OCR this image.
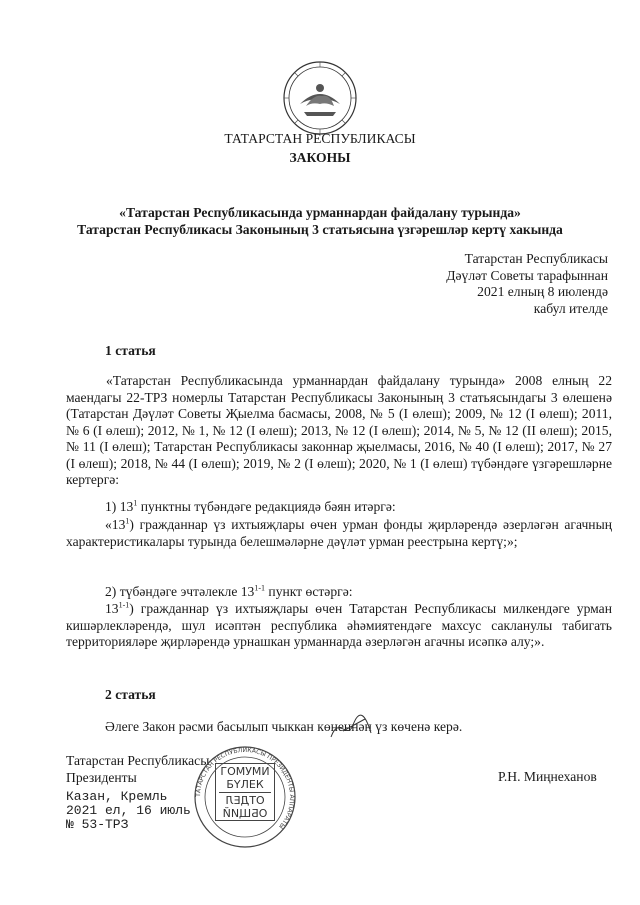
ТАТАРСТАН РЕСПУБЛИКАСЫ
ЗАКОНЫ
«Татарстан Республикасында урманнардан файдалану турында»
Татарстан Республикасы Законының 3 статьясына үзгәрешләр кертү хакында
Татарстан Республикасы
Дәүләт Советы тарафыннан
2021 елның 8 июлендә
кабул ителде
1 статья
«Татарстан Республикасында урманнардан файдалану турында» 2008 елның 22 маендагы 22-ТРЗ номерлы Татарстан Республикасы Законының 3 статьясындагы 3 өлешенә (Татарстан Дәүләт Советы Җыелма басмасы, 2008, № 5 (I өлеш); 2009, № 12 (I өлеш); 2011, № 6 (I өлеш); 2012, № 1, № 12 (I өлеш); 2013, № 12 (I өлеш); 2014, № 5, № 12 (II өлеш); 2015, № 11 (I өлеш); Татарстан Республикасы законнар җыелмасы, 2016, № 40 (I өлеш); 2017, № 27 (I өлеш); 2018, № 44 (I өлеш); 2019, № 2 (I өлеш); 2020, № 1 (I өлеш) түбәндәге үзгәрешләрне кертергә:
1) $13^1$ пунктны түбәндәге редакциядә бәян итәргә:
«$13^1$) гражданнар үз ихтыяҗлары өчен урман фонды җирләрендә әзерләгән агачның характеристикалары турында белешмәләрне дәүләт урман реестрына кертү;»;
2) түбәндәге эчтәлекле 13$^{1-1}$ пункт өстәргә:
13$^{1-1}$) гражданнар үз ихтыяҗлары өчен Татарстан Республикасы милкендәге урман кишәрлекләрендә, шул исәптән республика әһәмиятендәге махсус сакланулы табигать территорияләре җирләрендә урнашкан урманнарда әзерләгән агачны исәпкә алу;».
2 статья
Әлеге Закон рәсми басылып чыккан көненнән үз көченә керә.
Татарстан Республикасы
Президенты	Р.Н. Миңнеханов
Казан, Кремль
2021 ел, 16 июль
№ 53-ТРЗ
ТАТАРСТАН РЕСПУБЛИКАСЫ ПРЕЗИДЕНТЫ АППАРАТЫ
ГОМУМИ
БҮЛЕК
ОТДЕЛ
ОБЩИЙ
